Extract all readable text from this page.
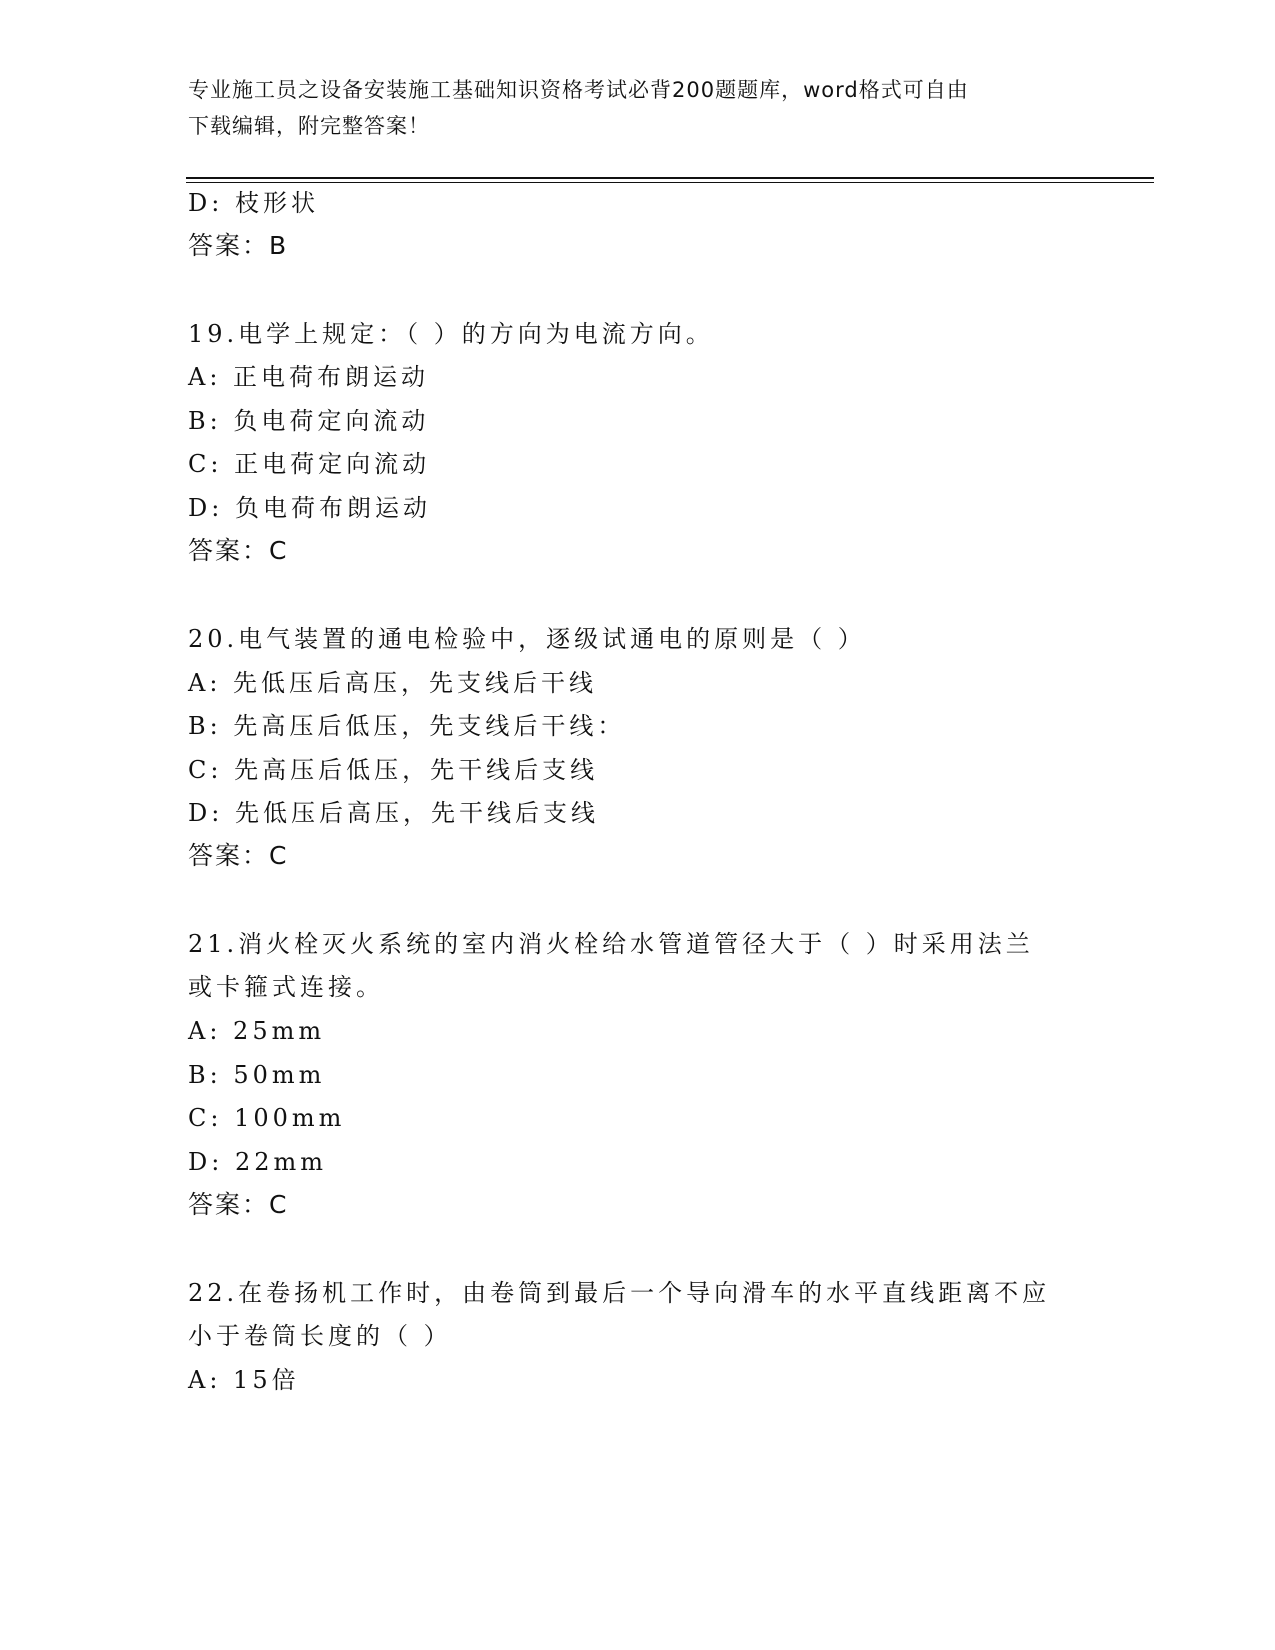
专业施工员之设备安装施工基础知识资格考试必背200题题库，word格式可自由
下载编辑，附完整答案！
D: 枝形状
答案：B
19.电学上规定：（ ）的方向为电流方向。
A: 正电荷布朗运动
B: 负电荷定向流动
C: 正电荷定向流动
D: 负电荷布朗运动
答案：C
20.电气装置的通电检验中，逐级试通电的原则是（ ）
A: 先低压后高压，先支线后干线
B: 先高压后低压，先支线后干线：
C: 先高压后低压，先干线后支线
D: 先低压后高压，先干线后支线
答案：C
21.消火栓灭火系统的室内消火栓给水管道管径大于（ ）时采用法兰
或卡箍式连接。
A: 25mm
B: 50mm
C: 100mm
D: 22mm
答案：C
22.在卷扬机工作时，由卷筒到最后一个导向滑车的水平直线距离不应
小于卷筒长度的（ ）
A: 15倍
